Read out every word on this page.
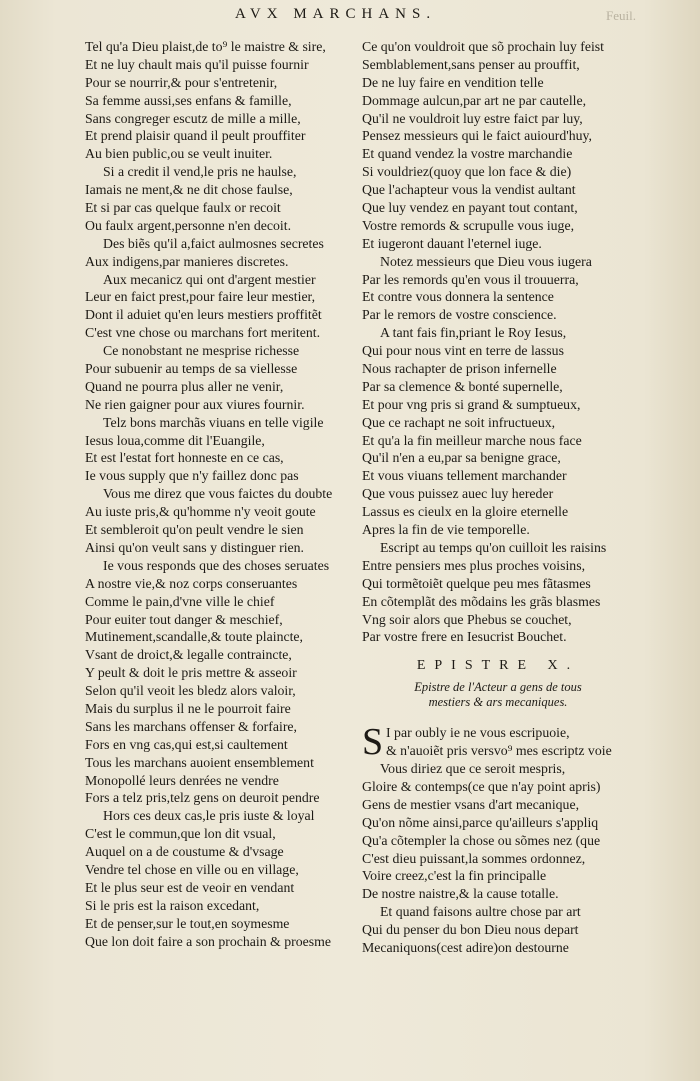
AVX MARCHANS.	Feuil.
Tel qu'a Dieu plaist,de to⁹ le maistre & sire,
Et ne luy chault mais qu'il puisse fournir
Pour se nourrir,& pour s'entretenir,
Sa femme aussi,ses enfans & famille,
Sans congreger escutz de mille a mille,
Et prend plaisir quand il peult prouffiter
Au bien public,ou se veult inuiter.
Si a credit il vend,le pris ne haulse,
Iamais ne ment,& ne dit chose faulse,
Et si par cas quelque faulx or recoit
Ou faulx argent,personne n'en decoit.
Des biẽs qu'il a,faict aulmosnes secretes
Aux indigens,par manieres discretes.
Aux mecanicz qui ont d'argent mestier
Leur en faict prest,pour faire leur mestier,
Dont il aduiet qu'en leurs mestiers proffitẽt
C'est vne chose ou marchans fort meritent.
Ce nonobstant ne mesprise richesse
Pour subuenir au temps de sa viellesse
Quand ne pourra plus aller ne venir,
Ne rien gaigner pour aux viures fournir.
Telz bons marchãs viuans en telle vigile
Iesus loua,comme dit l'Euangile,
Et est l'estat fort honneste en ce cas,
Ie vous supply que n'y faillez donc pas
Vous me direz que vous faictes du doubte
Au iuste pris,& qu'homme n'y veoit goute
Et sembleroit qu'on peult vendre le sien
Ainsi qu'on veult sans y distinguer rien.
Ie vous responds que des choses seruates
A nostre vie,& noz corps conseruantes
Comme le pain,d'vne ville le chief
Pour euiter tout danger & meschief,
Mutinement,scandalle,& toute plaincte,
Vsant de droict,& legalle contraincte,
Y peult & doit le pris mettre & asseoir
Selon qu'il veoit les bledz alors valoir,
Mais du surplus il ne le pourroit faire
Sans les marchans offenser & forfaire,
Fors en vng cas,qui est,si caultement
Tous les marchans auoient ensemblement
Monopollé leurs denrées ne vendre
Fors a telz pris,telz gens on deuroit pendre
Hors ces deux cas,le pris iuste & loyal
C'est le commun,que lon dit vsual,
Auquel on a de coustume & d'vsage
Vendre tel chose en ville ou en village,
Et le plus seur est de veoir en vendant
Si le pris est la raison excedant,
Et de penser,sur le tout,en soymesme
Que lon doit faire a son prochain & proesme
Ce qu'on vouldroit que sõ prochain luy feist
Semblablement,sans penser au prouffit,
De ne luy faire en vendition telle
Dommage aulcun,par art ne par cautelle,
Qu'il ne vouldroit luy estre faict par luy,
Pensez messieurs qui le faict auiourd'huy,
Et quand vendez la vostre marchandie
Si vouldriez(quoy que lon face & die)
Que l'achapteur vous la vendist aultant
Que luy vendez en payant tout contant,
Vostre remords & scrupulle vous iuge,
Et iugeront dauant l'eternel iuge.
Notez messieurs que Dieu vous iugera
Par les remords qu'en vous il trouuerra,
Et contre vous donnera la sentence
Par le remors de vostre conscience.
A tant fais fin,priant le Roy Iesus,
Qui pour nous vint en terre de lassus
Nous rachapter de prison infernelle
Par sa clemence & bonté supernelle,
Et pour vng pris si grand & sumptueux,
Que ce rachapt ne soit infructueux,
Et qu'a la fin meilleur marche nous face
Qu'il n'en a eu,par sa benigne grace,
Et vous viuans tellement marchander
Que vous puissez auec luy hereder
Lassus es cieulx en la gloire eternelle
Apres la fin de vie temporelle.
Escript au temps qu'on cuilloit les raisins
Entre pensiers mes plus proches voisins,
Qui tormẽtoiẽt quelque peu mes fãtasmes
En cõtemplãt des mõdains les grãs blasmes
Vng soir alors que Phebus se couchet,
Par vostre frere en Iesucrist Bouchet.
EPISTRE X.
Epistre de l'Acteur a gens de tous
mestiers & ars mecaniques.
S I par oubly ie ne vous escripuoie,
& n'auoiẽt pris versvo⁹ mes escriptz voie
Vous diriez que ce seroit mespris,
Gloire & contemps(ce que n'ay point apris)
Gens de mestier vsans d'art mecanique,
Qu'on nõme ainsi,parce qu'ailleurs s'appliq
Qu'a cõtempler la chose ou sõmes nez (que
C'est dieu puissant,la sommes ordonnez,
Voire creez,c'est la fin principalle
De nostre naistre,& la cause totalle.
Et quand faisons aultre chose par art
Qui du penser du bon Dieu nous depart
Mecaniquons(cest adire)on destourne
